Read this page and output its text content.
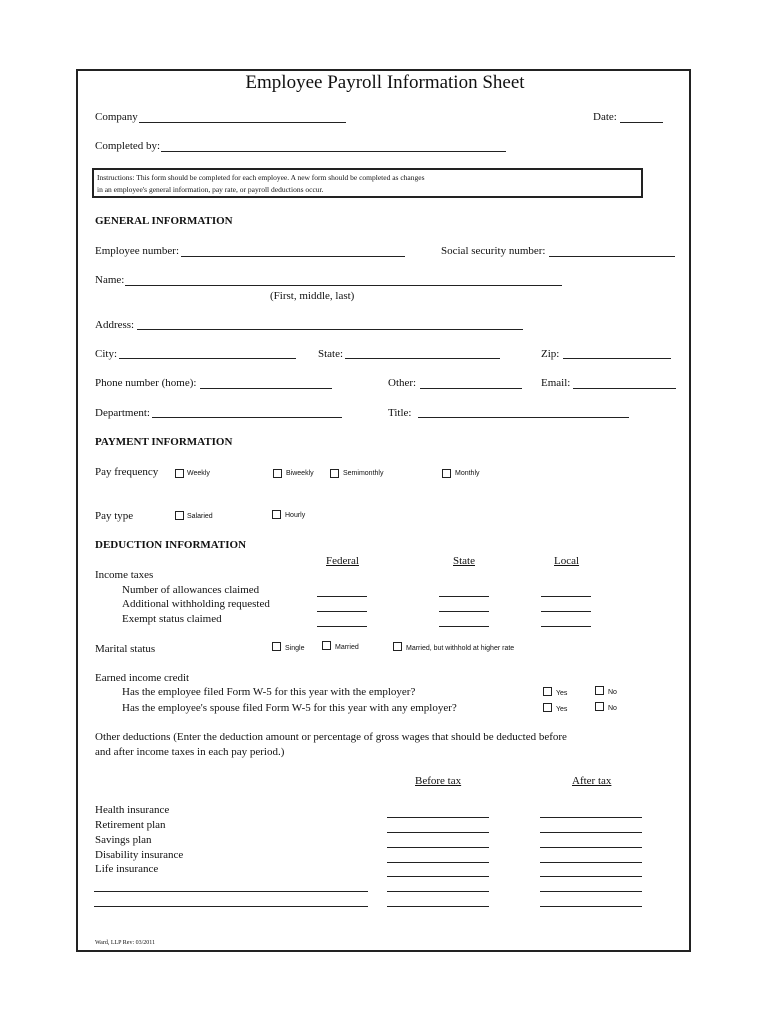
Employee Payroll Information Sheet
Company	Date:
Completed by:
Instructions: This form should be completed for each employee. A new form should be completed as changes
in an employee's general information, pay rate, or payroll deductions occur.
GENERAL INFORMATION
Employee number:	Social security number:
Name:
(First, middle, last)
Address:
City:	State:	Zip:
Phone number (home):	Other:	Email:
Department:	Title:
PAYMENT INFORMATION
Pay frequency	Weekly	Biweekly	Semimonthly	Monthly
Pay type	Salaried	Hourly
DEDUCTION INFORMATION
Federal	State	Local
Income taxes
Number of allowances claimed
Additional withholding requested
Exempt status claimed
Marital status	Single	Married	Married, but withhold at higher rate
Earned income credit
Has the employee filed Form W-5 for this year with the employer?
Has the employee's spouse filed Form W-5 for this year with any employer?
Yes	No
Yes	No
Other deductions (Enter the deduction amount or percentage of gross wages that should be deducted before
and after income taxes in each pay period.)
Before tax	After tax
Health insurance
Retirement plan
Savings plan
Disability insurance
Life insurance
Ward, LLP Rev: 03/2011
